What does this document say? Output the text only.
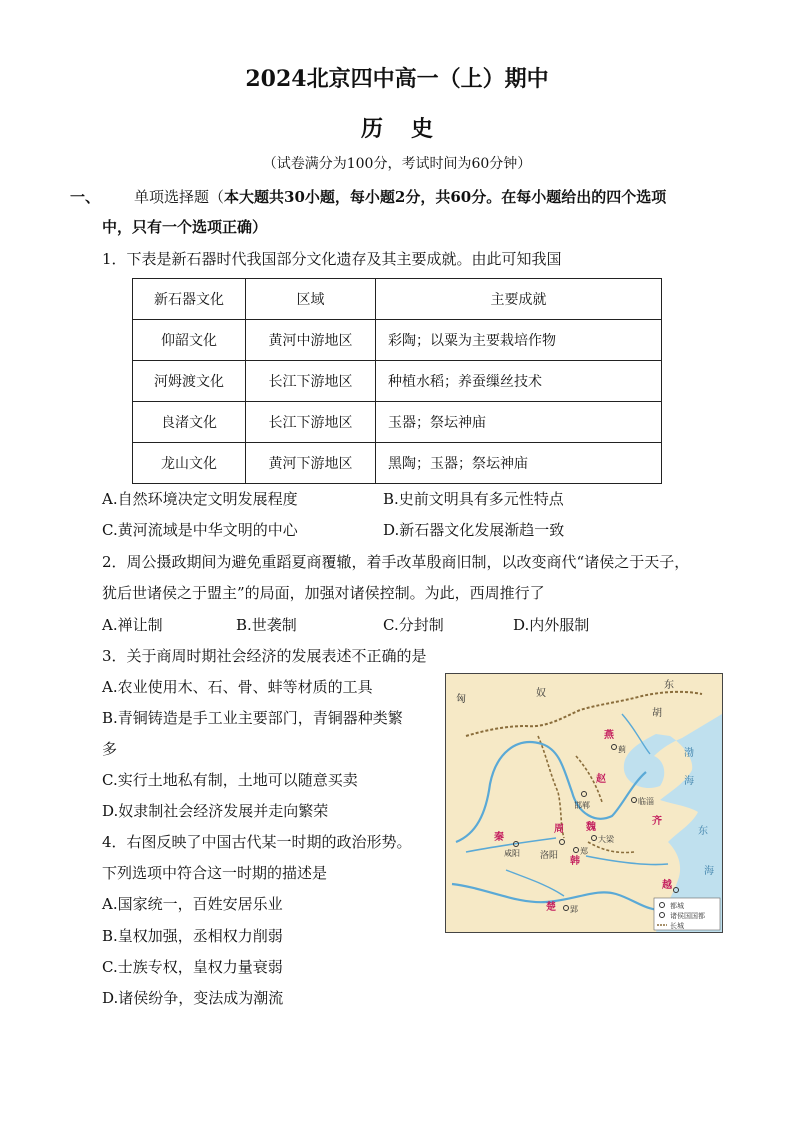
2024北京四中高一（上）期中
历史
（试卷满分为100分，考试时间为60分钟）
一、 单项选择题（本大题共30小题，每小题2分，共60分。在每小题给出的四个选项
中，只有一个选项正确）
1．下表是新石器时代我国部分文化遗存及其主要成就。由此可知我国
新石器文化	区域	主要成就
仰韶文化	黄河中游地区	彩陶；以粟为主要栽培作物
河姆渡文化	长江下游地区	种植水稻；养蚕缫丝技术
良渚文化	长江下游地区	玉器；祭坛神庙
龙山文化	黄河下游地区	黑陶；玉器；祭坛神庙
A.自然环境决定文明发展程度	B.史前文明具有多元性特点
C.黄河流域是中华文明的中心	D.新石器文化发展渐趋一致
2．周公摄政期间为避免重蹈夏商覆辙，着手改革殷商旧制，以改变商代“诸侯之于天子，
犹后世诸侯之于盟主”的局面，加强对诸侯控制。为此，西周推行了
A.禅让制	B.世袭制	C.分封制	D.内外服制
3．关于商周时期社会经济的发展表述不正确的是
A.农业使用木、石、骨、蚌等材质的工具
B.青铜铸造是手工业主要部门，青铜器种类繁
多
C.实行土地私有制，土地可以随意买卖
D.奴隶制社会经济发展并走向繁荣
4．右图反映了中国古代某一时期的政治形势。
下列选项中符合这一时期的描述是
A.国家统一，百姓安居乐业
B.皇权加强，丞相权力削弱
C.士族专权，皇权力量衰弱
D.诸侯纷争，变法成为潮流
匈
奴
东
胡
燕
蓟
赵
邯郸	临淄
齐
秦
咸阳 洛阳
周 魏
大梁
郑
韩
楚 郢
越
渤
海
东
海
都城
诸侯国国都
长城
